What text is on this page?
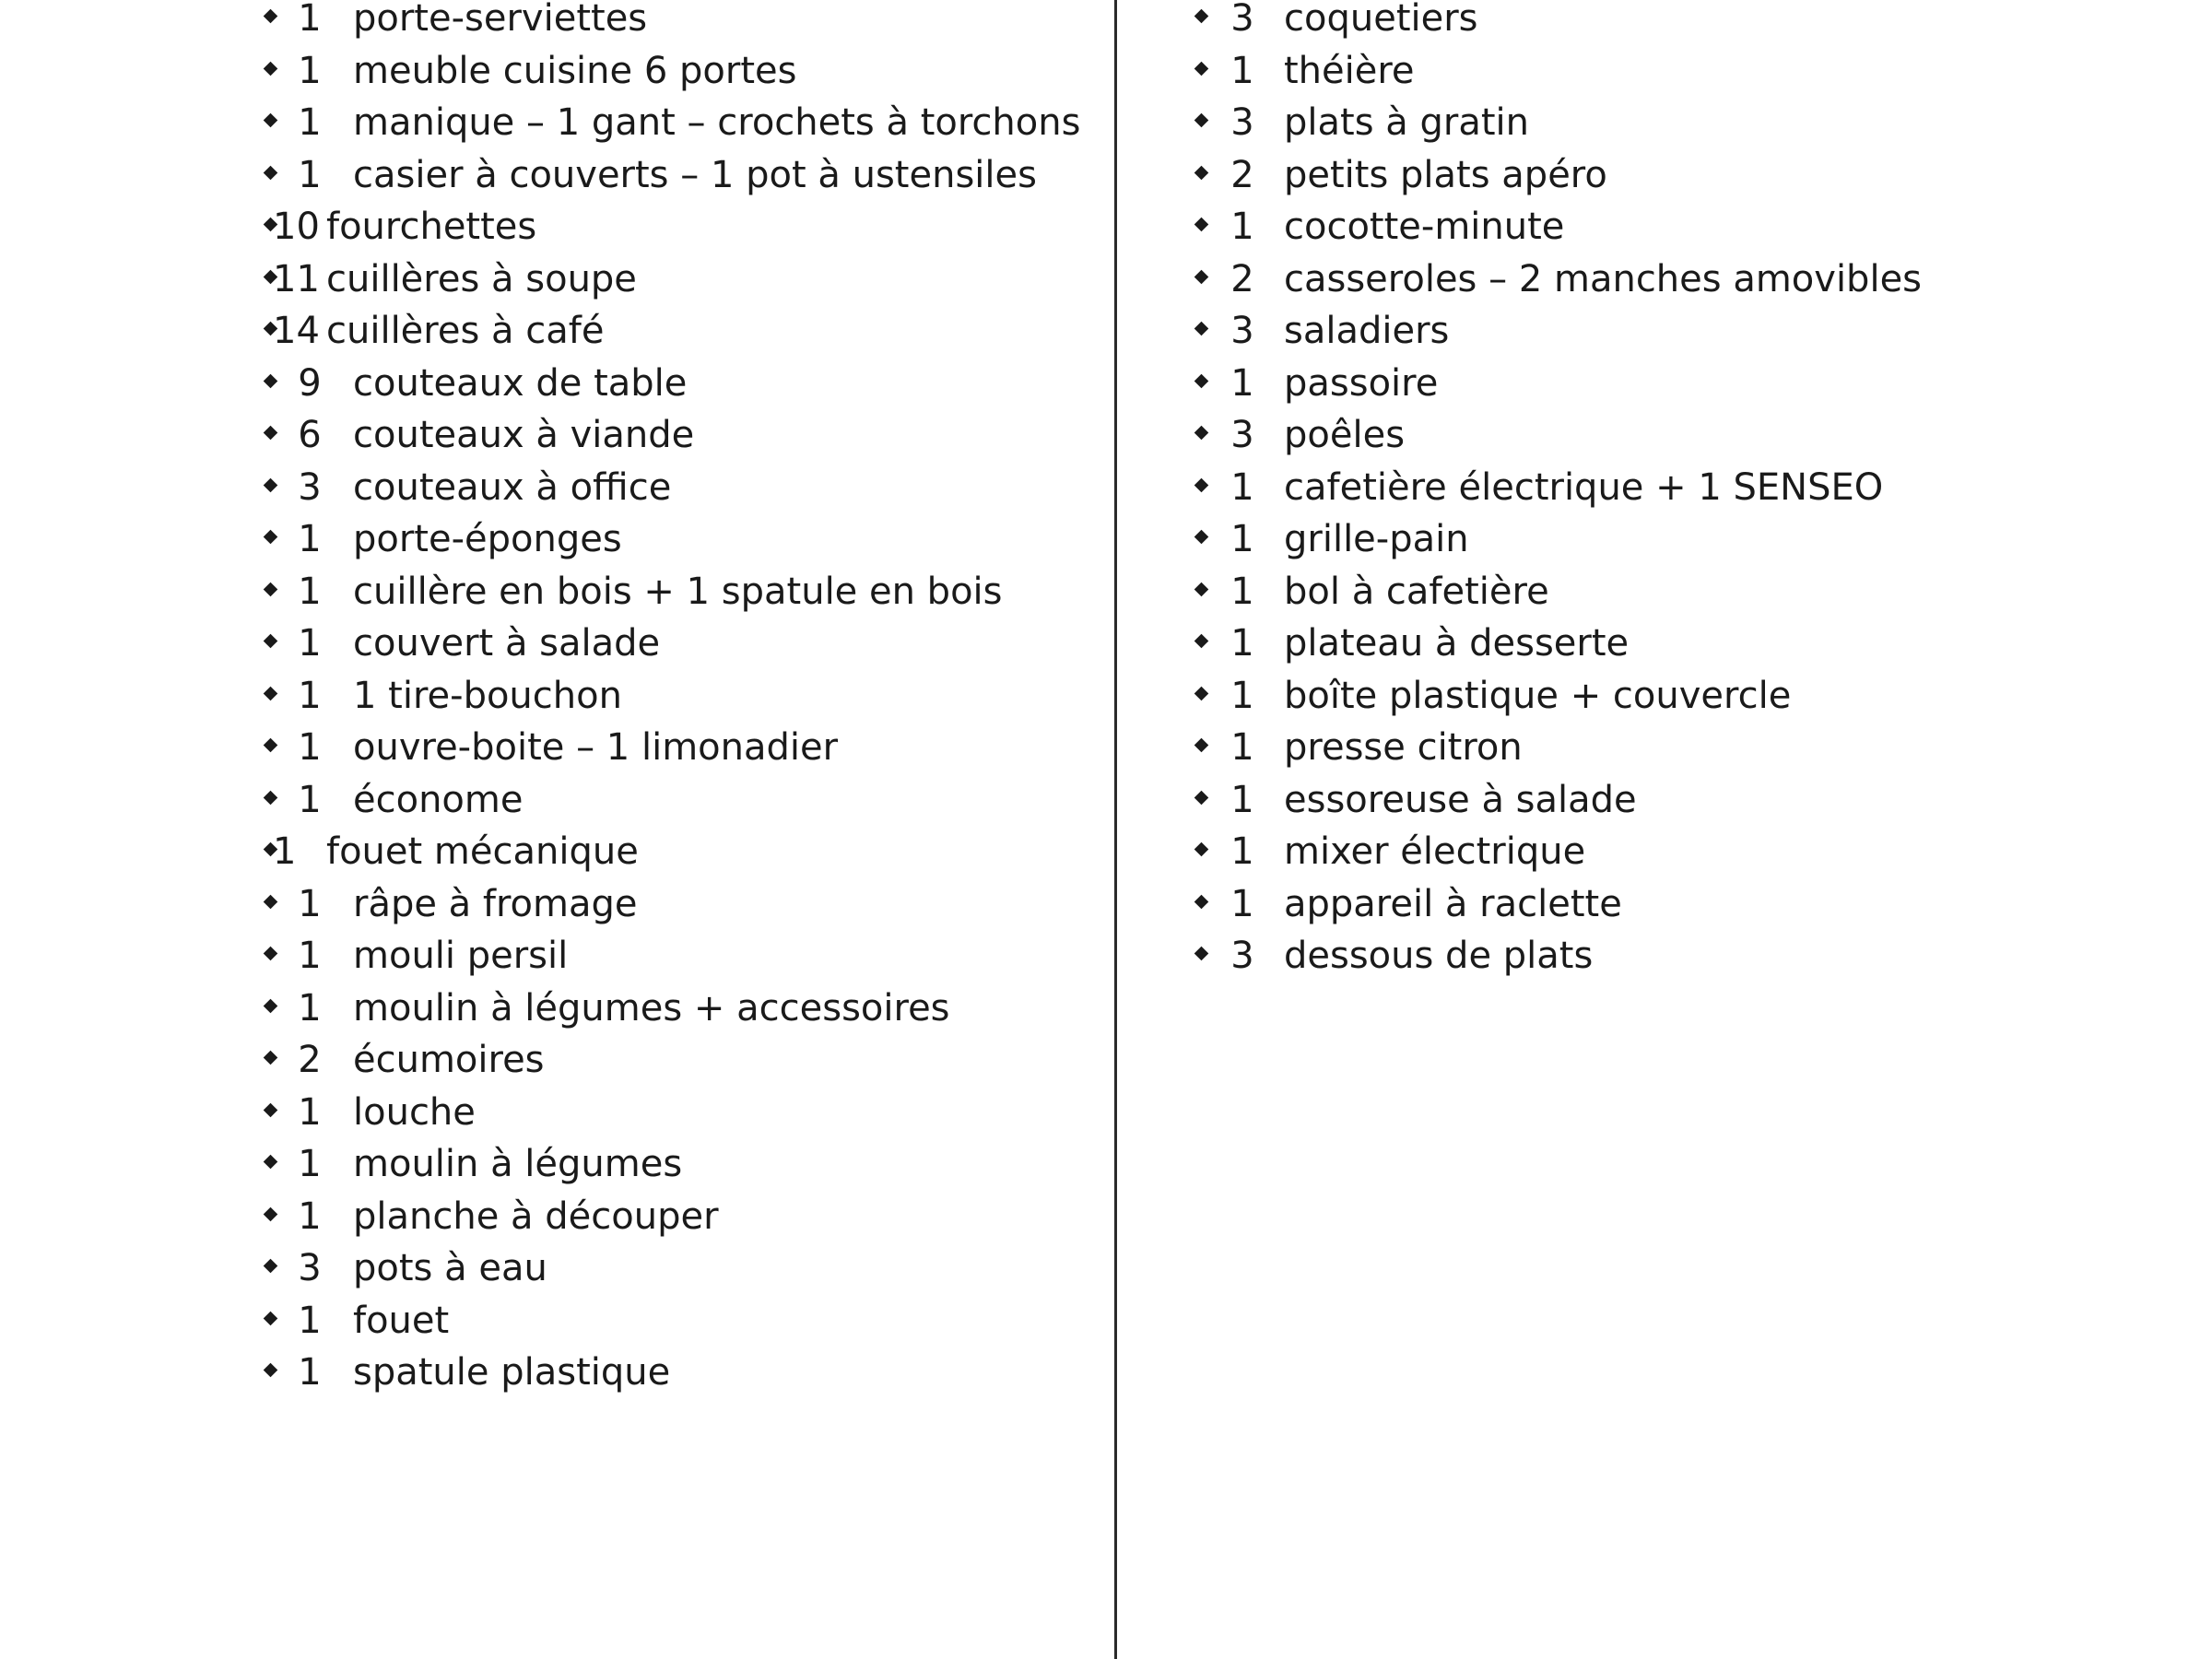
1 porte-serviettes
1 meuble cuisine 6 portes
1 manique – 1 gant – crochets à torchons
1 casier à couverts – 1 pot à ustensiles
10 fourchettes
11 cuillères à soupe
14 cuillères à café
9 couteaux de table
6 couteaux à viande
3 couteaux à office
1 porte-éponges
1 cuillère en bois + 1 spatule en bois
1 couvert à salade
1 1 tire-bouchon
1 ouvre-boite – 1 limonadier
1 économe
1 fouet mécanique
1 râpe à fromage
1 mouli persil
1 moulin à légumes + accessoires
2 écumoires
1 louche
1 moulin à légumes
1 planche à découper
3 pots à eau
1 fouet
1 spatule plastique
3 coquetiers
1 théière
3 plats à gratin
2 petits plats apéro
1 cocotte-minute
2 casseroles – 2 manches amovibles
3 saladiers
1 passoire
3 poêles
1 cafetière électrique + 1 SENSEO
1 grille-pain
1 bol à cafetière
1 plateau à desserte
1 boîte plastique + couvercle
1 presse citron
1 essoreuse à salade
1 mixer électrique
1 appareil à raclette
3 dessous de plats
